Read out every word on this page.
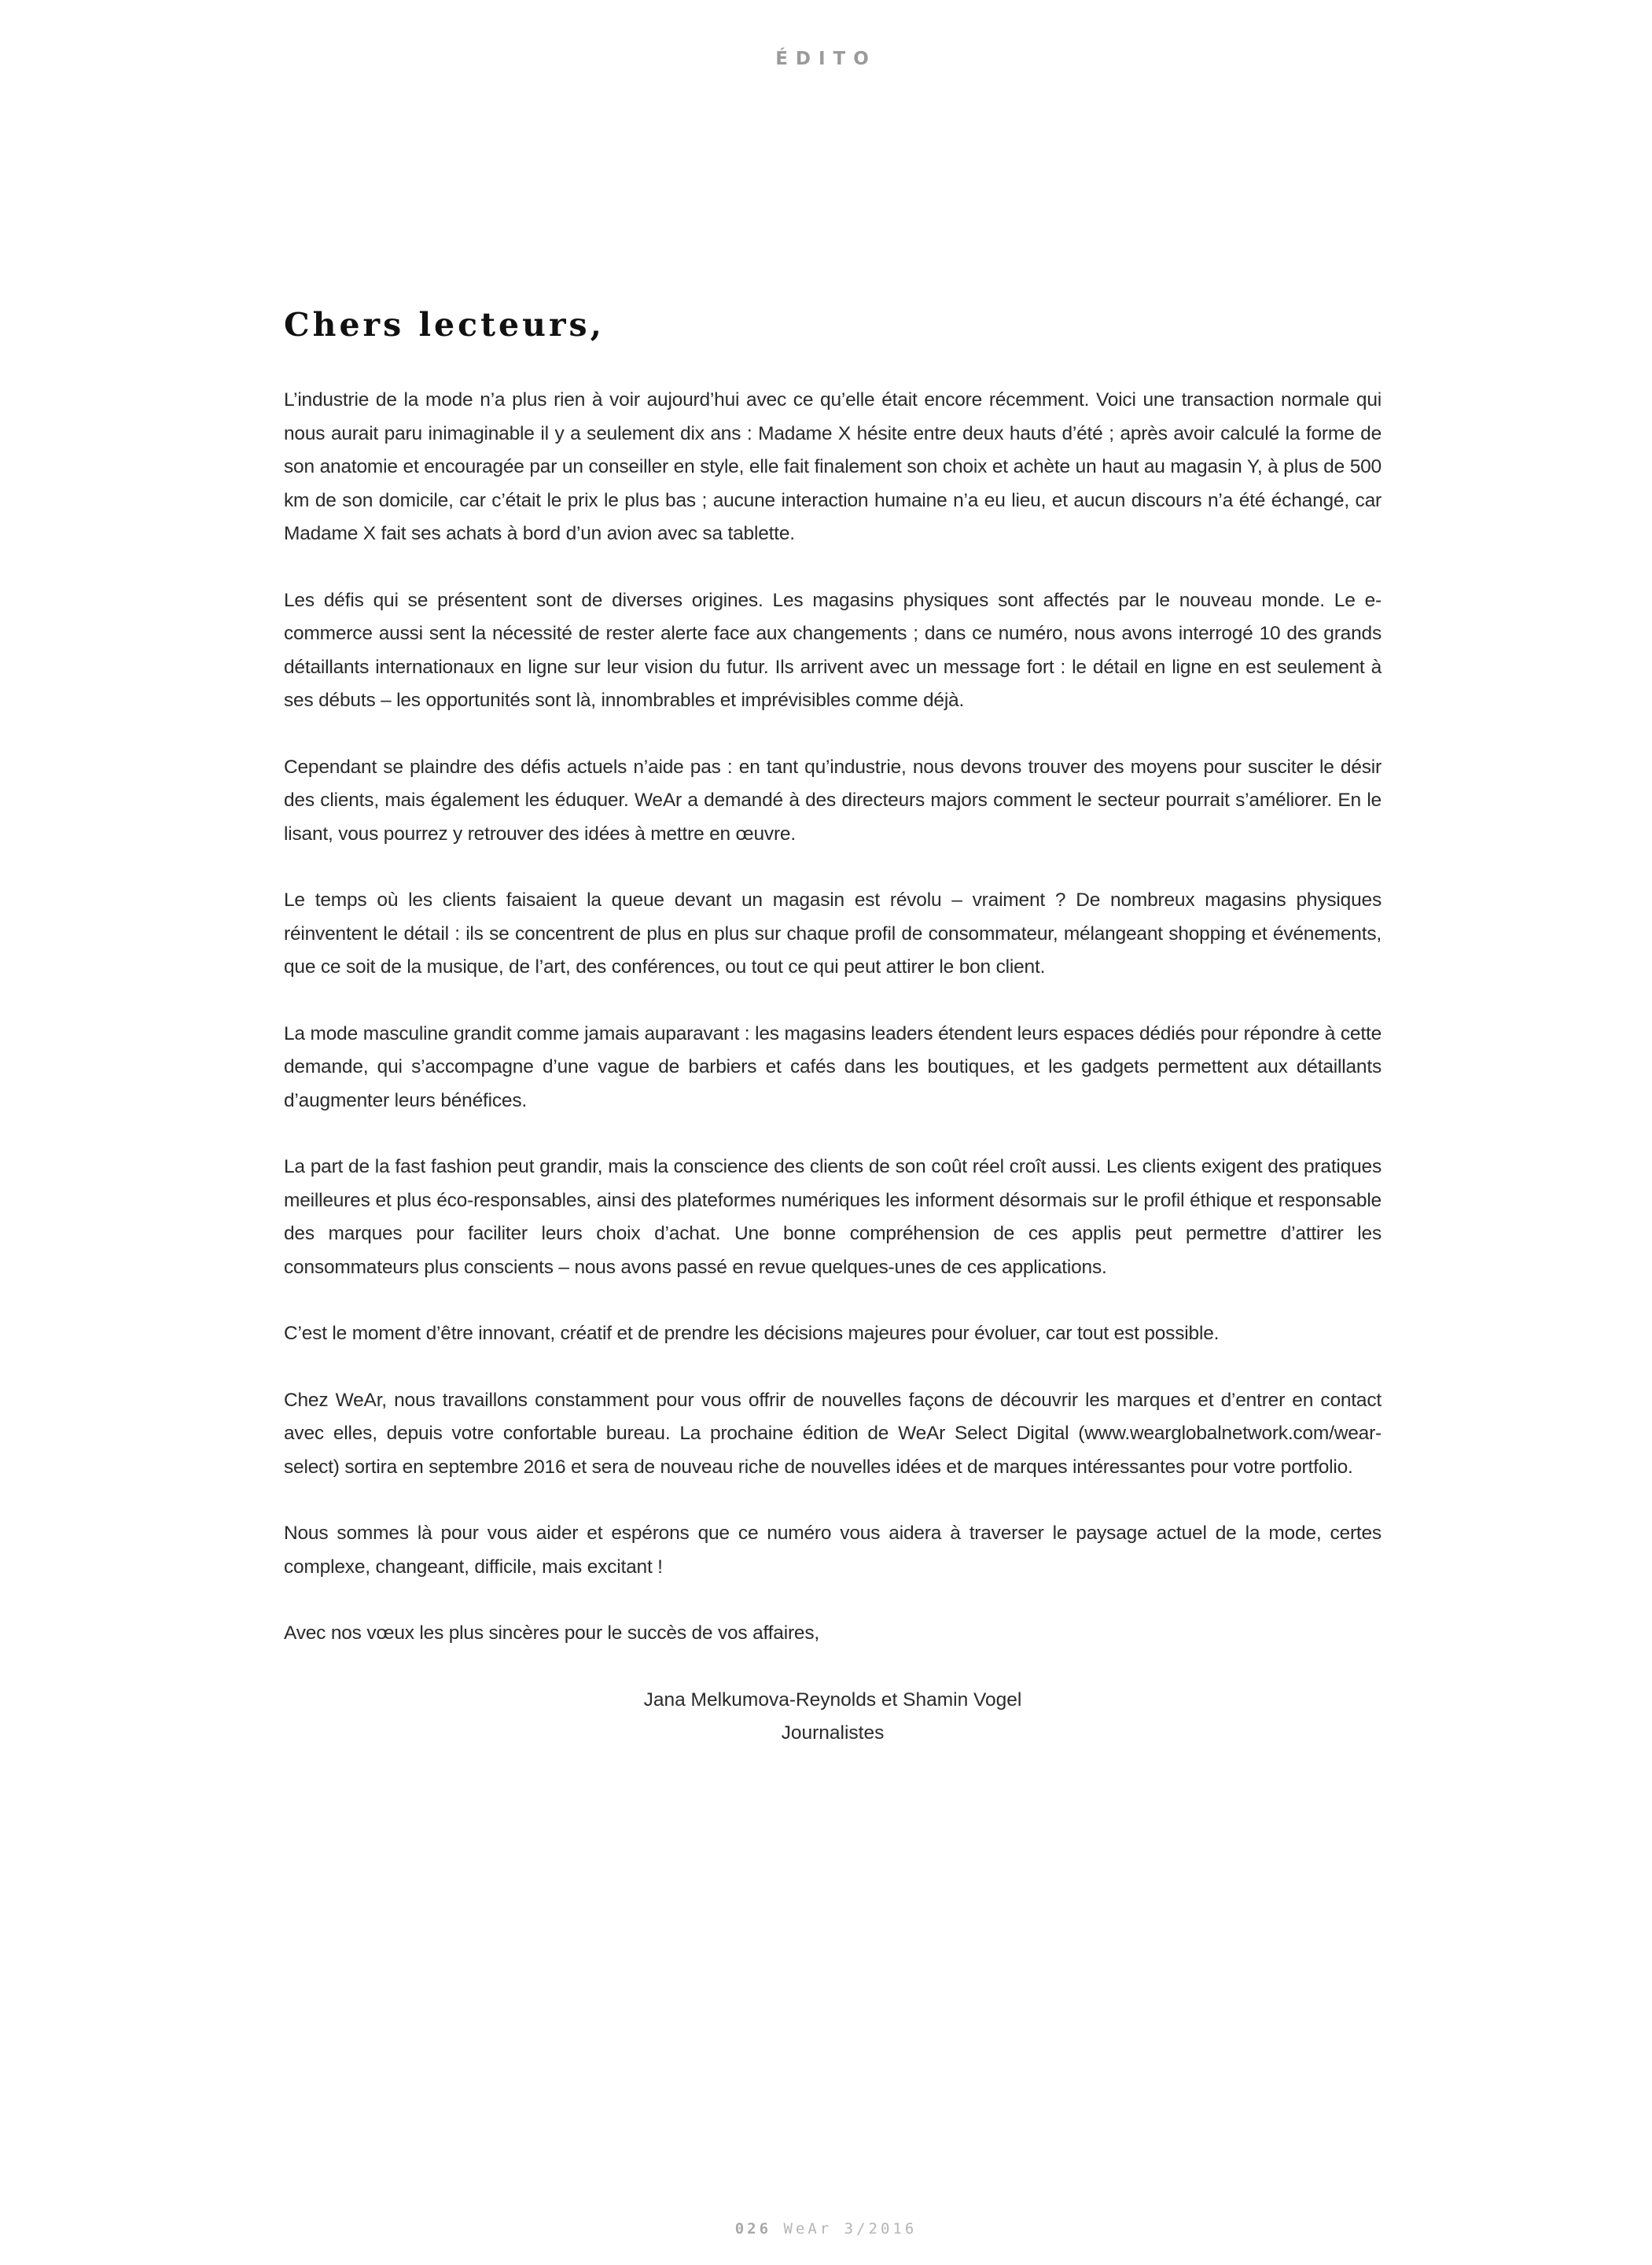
ÉDITO
Chers lecteurs,

L’industrie de la mode n’a plus rien à voir aujourd’hui avec ce qu’elle était encore récemment. Voici une transaction normale qui nous aurait paru inimaginable il y a seulement dix ans : Madame X hésite entre deux hauts d’été ; après avoir calculé la forme de son anatomie et encouragée par un conseiller en style, elle fait finalement son choix et achète un haut au magasin Y, à plus de 500 km de son domicile, car c’était le prix le plus bas ; aucune interaction humaine n’a eu lieu, et aucun discours n’a été échangé, car Madame X fait ses achats à bord d’un avion avec sa tablette.

Les défis qui se présentent sont de diverses origines. Les magasins physiques sont affectés par le nouveau monde. Le e-commerce aussi sent la nécessité de rester alerte face aux changements ; dans ce numéro, nous avons interrogé 10 des grands détaillants internationaux en ligne sur leur vision du futur. Ils arrivent avec un message fort : le détail en ligne en est seulement à ses débuts – les opportunités sont là, innombrables et imprévisibles comme déjà.

Cependant se plaindre des défis actuels n’aide pas : en tant qu’industrie, nous devons trouver des moyens pour susciter le désir des clients, mais également les éduquer. WeAr a demandé à des directeurs majors comment le secteur pourrait s’améliorer. En le lisant, vous pourrez y retrouver des idées à mettre en œuvre.

Le temps où les clients faisaient la queue devant un magasin est révolu – vraiment ? De nombreux magasins physiques réinventent le détail : ils se concentrent de plus en plus sur chaque profil de consommateur, mélangeant shopping et événements, que ce soit de la musique, de l’art, des conférences, ou tout ce qui peut attirer le bon client.

La mode masculine grandit comme jamais auparavant : les magasins leaders étendent leurs espaces dédiés pour répondre à cette demande, qui s’accompagne d’une vague de barbiers et cafés dans les boutiques, et les gadgets permettent aux détaillants d’augmenter leurs bénéfices.

La part de la fast fashion peut grandir, mais la conscience des clients de son coût réel croît aussi. Les clients exigent des pratiques meilleures et plus éco-responsables, ainsi des plateformes numériques les informent désormais sur le profil éthique et responsable des marques pour faciliter leurs choix d’achat. Une bonne compréhension de ces applis peut permettre d’attirer les consommateurs plus conscients – nous avons passé en revue quelques-unes de ces applications.

C’est le moment d’être innovant, créatif et de prendre les décisions majeures pour évoluer, car tout est possible.

Chez WeAr, nous travaillons constamment pour vous offrir de nouvelles façons de découvrir les marques et d’entrer en contact avec elles, depuis votre confortable bureau. La prochaine édition de WeAr Select Digital (www.wearglobalnetwork.com/wear-select) sortira en septembre 2016 et sera de nouveau riche de nouvelles idées et de marques intéressantes pour votre portfolio.

Nous sommes là pour vous aider et espérons que ce numéro vous aidera à traverser le paysage actuel de la mode, certes complexe, changeant, difficile, mais excitant !

Avec nos vœux les plus sincères pour le succès de vos affaires,

Jana Melkumova-Reynolds et Shamin Vogel
Journalistes
026 WeAr 3/2016
